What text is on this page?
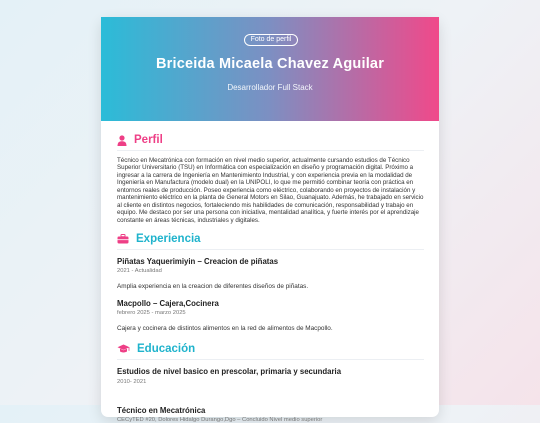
Foto de perfil
Briceida Micaela Chavez Aguilar
Desarrollador Full Stack
Perfil
Técnico en Mecatrónica con formación en nivel medio superior, actualmente cursando estudios de Técnico Superior Universitario (TSU) en Informática con especialización en diseño y programación digital. Próximo a ingresar a la carrera de Ingeniería en Mantenimiento Industrial, y con experiencia previa en la modalidad de Ingeniería en Manufactura (modelo dual) en la UNIPOLI, lo que me permitió combinar teoría con práctica en entornos reales de producción. Poseo experiencia como eléctrico, colaborando en proyectos de instalación y mantenimiento eléctrico en la planta de General Motors en Silao, Guanajuato. Además, he trabajado en servicio al cliente en distintos negocios, fortaleciendo mis habilidades de comunicación, responsabilidad y trabajo en equipo. Me destaco por ser una persona con iniciativa, mentalidad analítica, y fuerte interés por el aprendizaje constante en áreas técnicas, industriales y digitales.
Experiencia
Piñatas Yaquerimiyin – Creacion de piñatas
2021 - Actualidad
Amplia experiencia en la creacion de diferentes diseños de piñatas.
Macpollo – Cajera,Cocinera
febrero 2025 - marzo 2025
Cajera y cocinera de distintos alimentos en la red de alimentos de Macpollo.
Educación
Estudios de nivel basico en prescolar, primaria y secundaria
2010- 2021
Técnico en Mecatrónica
CECyTED #20, Dolores Hidalgo Durango,Dgo – Concluido Nivel medio superior
